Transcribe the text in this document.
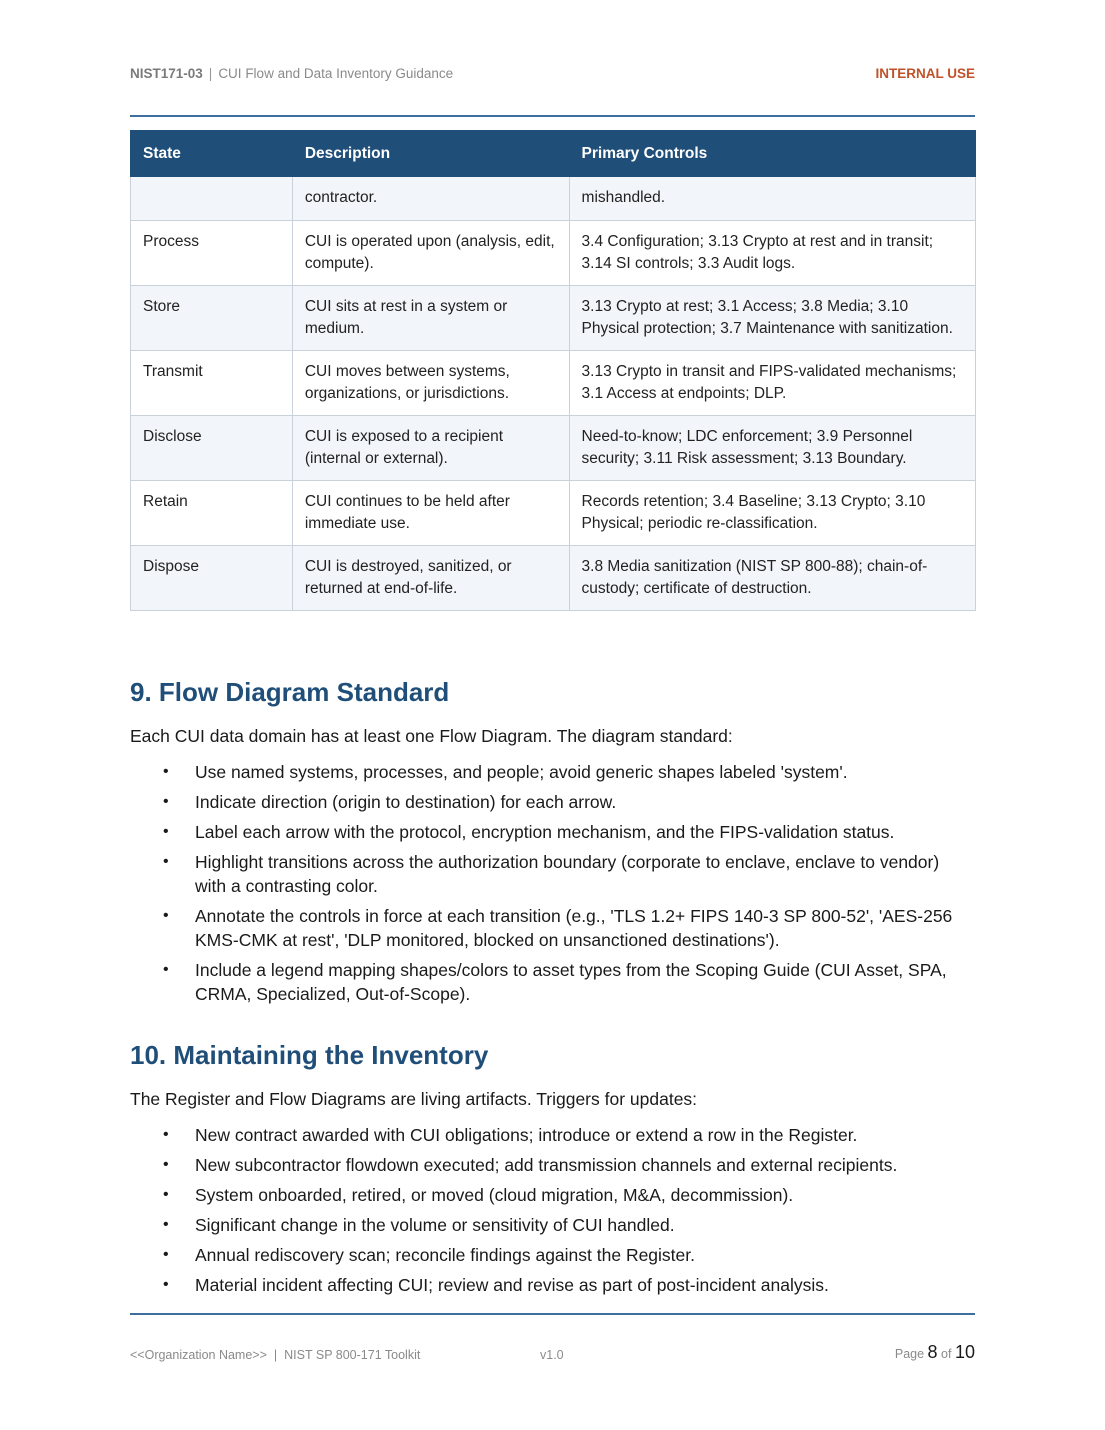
NIST171-03 | CUI Flow and Data Inventory Guidance	INTERNAL USE
State	Description	Primary Controls
	contractor.	mishandled.
Process	CUI is operated upon (analysis, edit, compute).	3.4 Configuration; 3.13 Crypto at rest and in transit; 3.14 SI controls; 3.3 Audit logs.
Store	CUI sits at rest in a system or medium.	3.13 Crypto at rest; 3.1 Access; 3.8 Media; 3.10 Physical protection; 3.7 Maintenance with sanitization.
Transmit	CUI moves between systems, organizations, or jurisdictions.	3.13 Crypto in transit and FIPS-validated mechanisms; 3.1 Access at endpoints; DLP.
Disclose	CUI is exposed to a recipient (internal or external).	Need-to-know; LDC enforcement; 3.9 Personnel security; 3.11 Risk assessment; 3.13 Boundary.
Retain	CUI continues to be held after immediate use.	Records retention; 3.4 Baseline; 3.13 Crypto; 3.10 Physical; periodic re-classification.
Dispose	CUI is destroyed, sanitized, or returned at end-of-life.	3.8 Media sanitization (NIST SP 800-88); chain-of-custody; certificate of destruction.
9. Flow Diagram Standard

Each CUI data domain has at least one Flow Diagram. The diagram standard:

• Use named systems, processes, and people; avoid generic shapes labeled 'system'.
• Indicate direction (origin to destination) for each arrow.
• Label each arrow with the protocol, encryption mechanism, and the FIPS-validation status.
• Highlight transitions across the authorization boundary (corporate to enclave, enclave to vendor) with a contrasting color.
• Annotate the controls in force at each transition (e.g., 'TLS 1.2+ FIPS 140-3 SP 800-52', 'AES-256 KMS-CMK at rest', 'DLP monitored, blocked on unsanctioned destinations').
• Include a legend mapping shapes/colors to asset types from the Scoping Guide (CUI Asset, SPA, CRMA, Specialized, Out-of-Scope).
10. Maintaining the Inventory

The Register and Flow Diagrams are living artifacts. Triggers for updates:

• New contract awarded with CUI obligations; introduce or extend a row in the Register.
• New subcontractor flowdown executed; add transmission channels and external recipients.
• System onboarded, retired, or moved (cloud migration, M&A, decommission).
• Significant change in the volume or sensitivity of CUI handled.
• Annual rediscovery scan; reconcile findings against the Register.
• Material incident affecting CUI; review and revise as part of post-incident analysis.
<<Organization Name>> | NIST SP 800-171 Toolkit	v1.0	Page 8 of 10
